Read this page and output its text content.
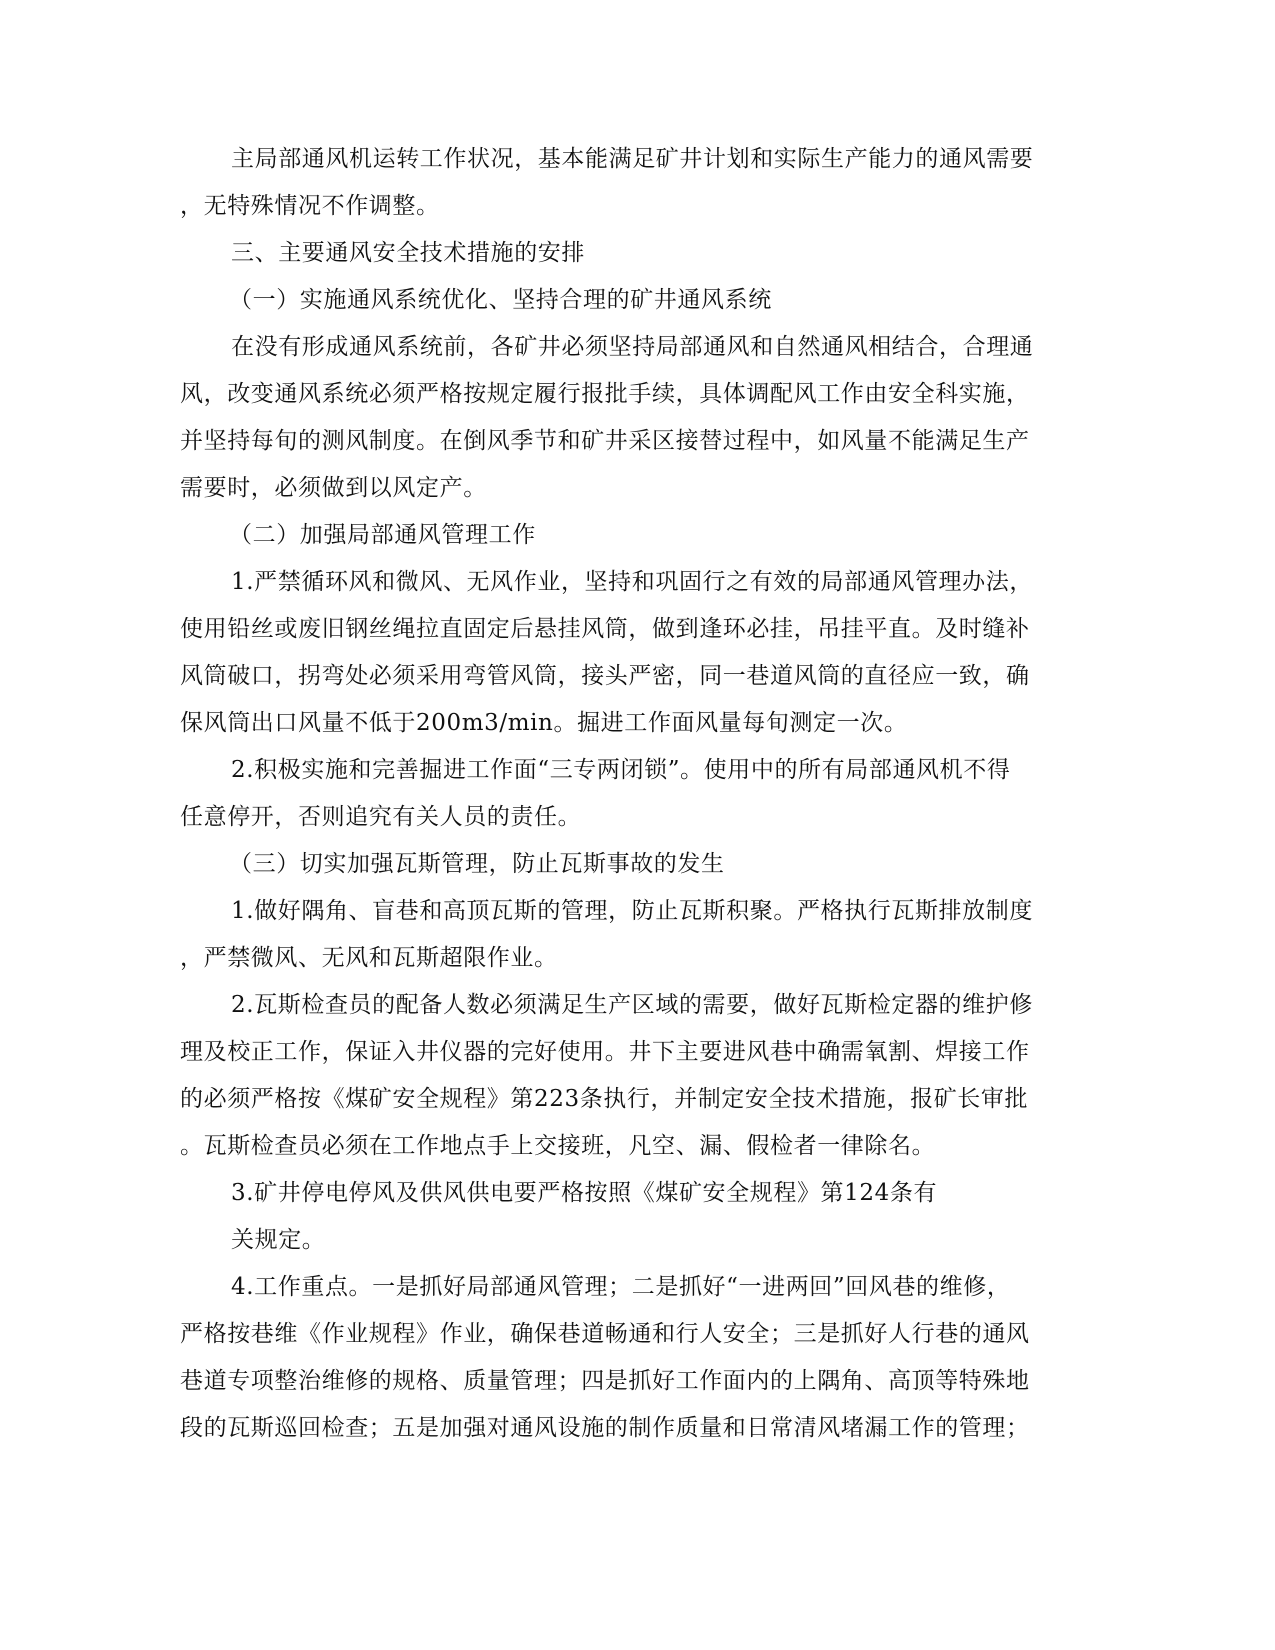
主局部通风机运转工作状况，基本能满足矿井计划和实际生产能力的通风需要
，无特殊情况不作调整。
三、主要通风安全技术措施的安排
（一）实施通风系统优化、坚持合理的矿井通风系统
在没有形成通风系统前，各矿井必须坚持局部通风和自然通风相结合，合理通
风，改变通风系统必须严格按规定履行报批手续，具体调配风工作由安全科实施，
并坚持每旬的测风制度。在倒风季节和矿井采区接替过程中，如风量不能满足生产
需要时，必须做到以风定产。
（二）加强局部通风管理工作
1.严禁循环风和微风、无风作业，坚持和巩固行之有效的局部通风管理办法，
使用铅丝或废旧钢丝绳拉直固定后悬挂风筒，做到逢环必挂，吊挂平直。及时缝补
风筒破口，拐弯处必须采用弯管风筒，接头严密，同一巷道风筒的直径应一致，确
保风筒出口风量不低于200m3/min。掘进工作面风量每旬测定一次。
2.积极实施和完善掘进工作面“三专两闭锁”。使用中的所有局部通风机不得
任意停开，否则追究有关人员的责任。
（三）切实加强瓦斯管理，防止瓦斯事故的发生
1.做好隅角、盲巷和高顶瓦斯的管理，防止瓦斯积聚。严格执行瓦斯排放制度
，严禁微风、无风和瓦斯超限作业。
2.瓦斯检查员的配备人数必须满足生产区域的需要，做好瓦斯检定器的维护修
理及校正工作，保证入井仪器的完好使用。井下主要进风巷中确需氧割、焊接工作
的必须严格按《煤矿安全规程》第223条执行，并制定安全技术措施，报矿长审批
。瓦斯检查员必须在工作地点手上交接班，凡空、漏、假检者一律除名。
3.矿井停电停风及供风供电要严格按照《煤矿安全规程》第124条有
关规定。
4.工作重点。一是抓好局部通风管理；二是抓好“一进两回”回风巷的维修，
严格按巷维《作业规程》作业，确保巷道畅通和行人安全；三是抓好人行巷的通风
巷道专项整治维修的规格、质量管理；四是抓好工作面内的上隅角、高顶等特殊地
段的瓦斯巡回检查；五是加强对通风设施的制作质量和日常清风堵漏工作的管理；
